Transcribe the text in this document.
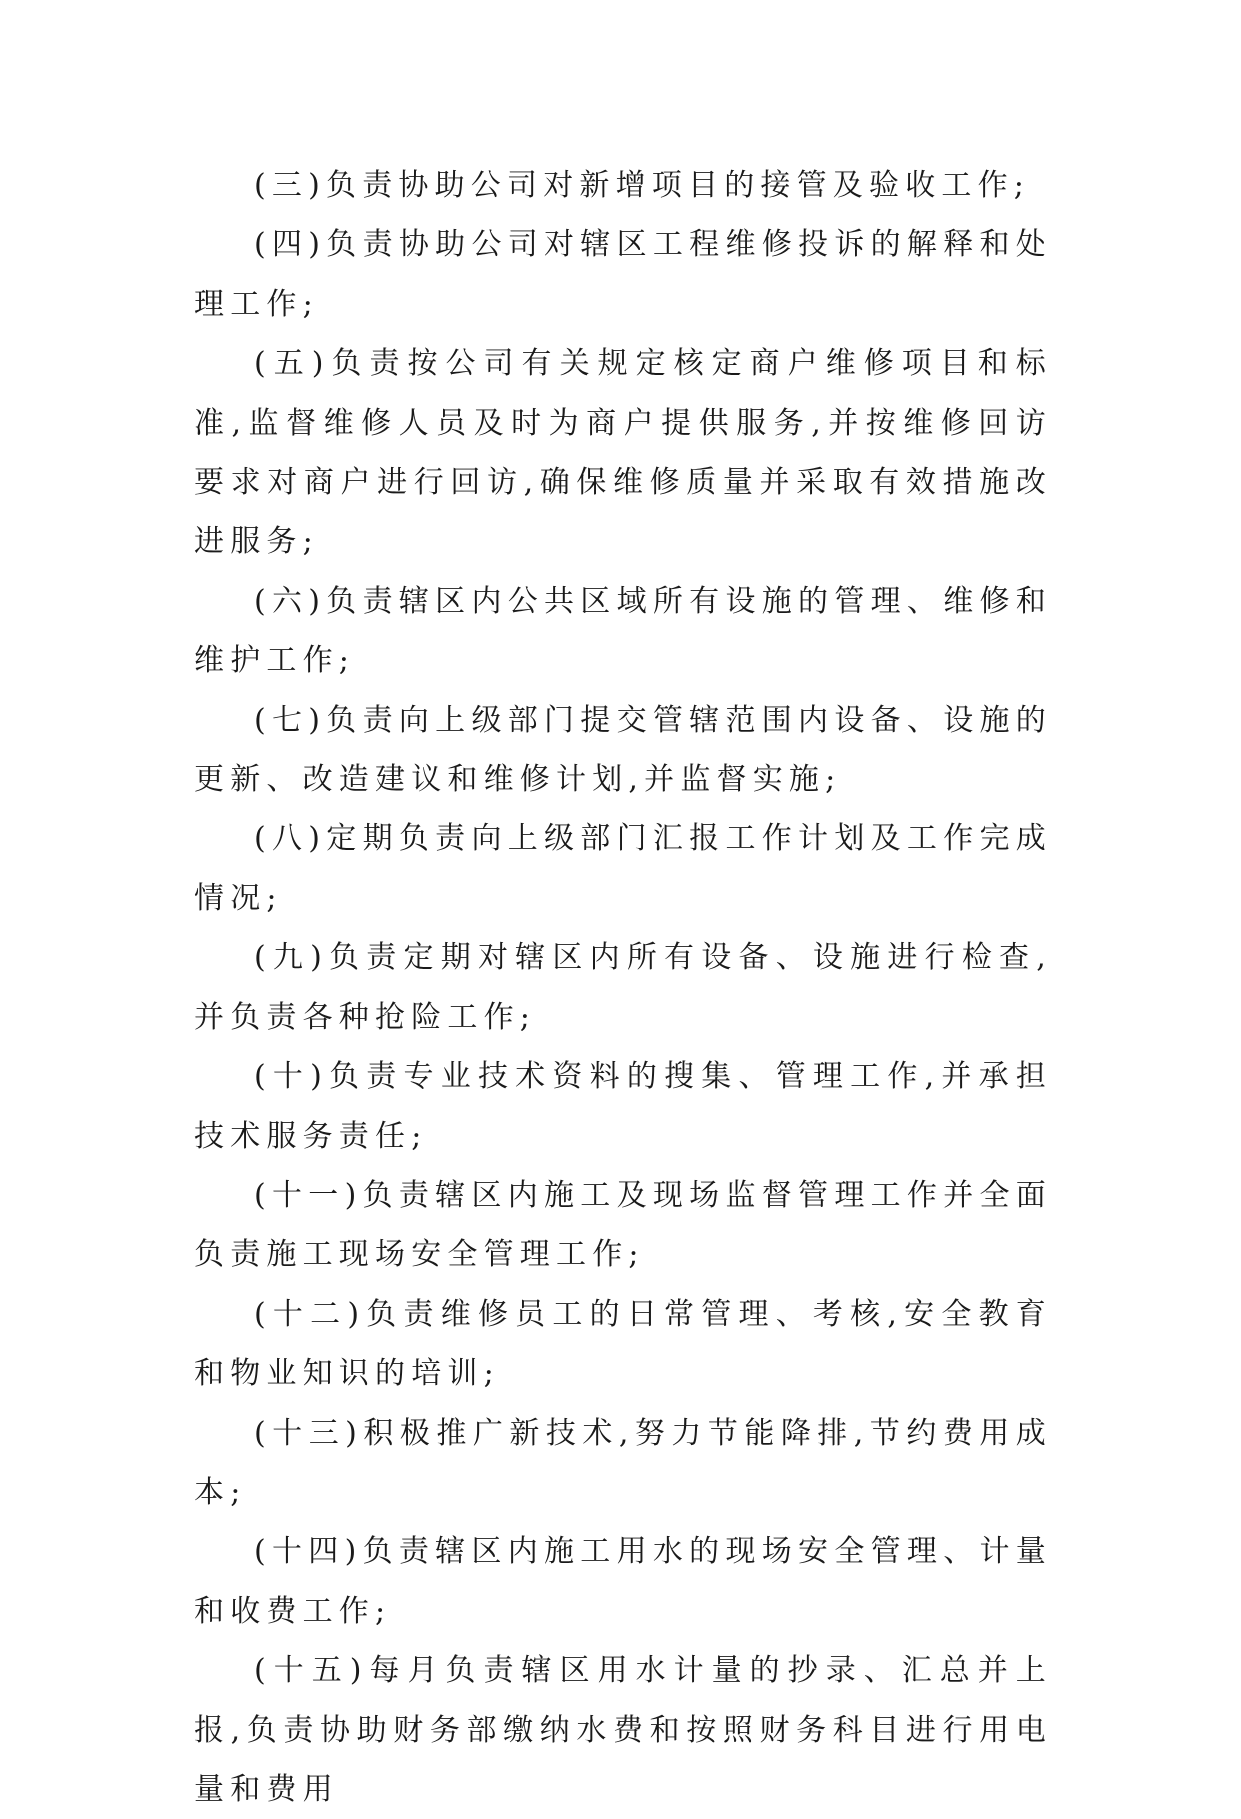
(三)负责协助公司对新增项目的接管及验收工作;

(四)负责协助公司对辖区工程维修投诉的解释和处理工作;

(五)负责按公司有关规定核定商户维修项目和标准,监督维修人员及时为商户提供服务,并按维修回访要求对商户进行回访,确保维修质量并采取有效措施改进服务;

(六)负责辖区内公共区域所有设施的管理、维修和维护工作;

(七)负责向上级部门提交管辖范围内设备、设施的更新、改造建议和维修计划,并监督实施;

(八)定期负责向上级部门汇报工作计划及工作完成情况;

(九)负责定期对辖区内所有设备、设施进行检查,并负责各种抢险工作;

(十)负责专业技术资料的搜集、管理工作,并承担技术服务责任;

(十一)负责辖区内施工及现场监督管理工作并全面负责施工现场安全管理工作;

(十二)负责维修员工的日常管理、考核,安全教育和物业知识的培训;

(十三)积极推广新技术,努力节能降排,节约费用成本;

(十四)负责辖区内施工用水的现场安全管理、计量和收费工作;

(十五)每月负责辖区用水计量的抄录、汇总并上报,负责协助财务部缴纳水费和按照财务科目进行用电量和费用
